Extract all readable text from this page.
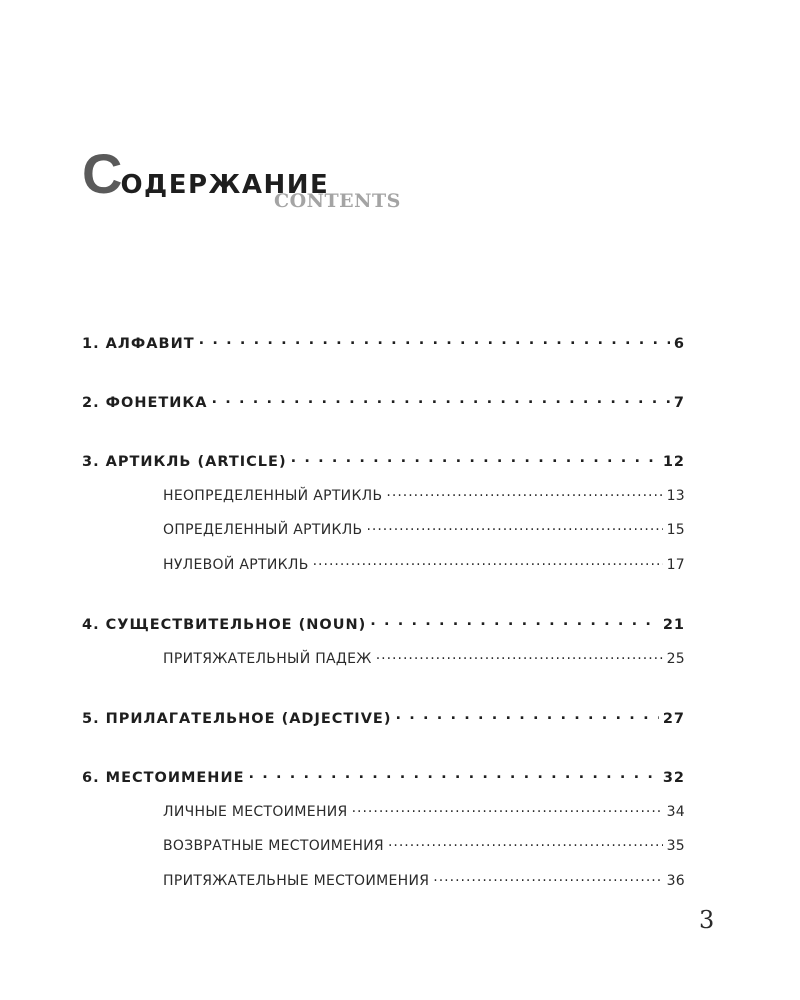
СОДЕРЖАНИЕ
CONTENTS
1. АЛФАВИТ . . .	6
2. ФОНЕТИКА . . .	7
3. АРТИКЛЬ (ARTICLE) . . .	12
НЕОПРЕДЕЛЕННЫЙ АРТИКЛЬ .....	13
ОПРЕДЕЛЕННЫЙ АРТИКЛЬ .....	15
НУЛЕВОЙ АРТИКЛЬ .....	17
4. СУЩЕСТВИТЕЛЬНОЕ (NOUN) . . .	21
ПРИТЯЖАТЕЛЬНЫЙ ПАДЕЖ .....	25
5. ПРИЛАГАТЕЛЬНОЕ (ADJECTIVE) . . .	27
6. МЕСТОИМЕНИЕ . . .	32
ЛИЧНЫЕ МЕСТОИМЕНИЯ .....	34
ВОЗВРАТНЫЕ МЕСТОИМЕНИЯ .....	35
ПРИТЯЖАТЕЛЬНЫЕ МЕСТОИМЕНИЯ .....	36
3
